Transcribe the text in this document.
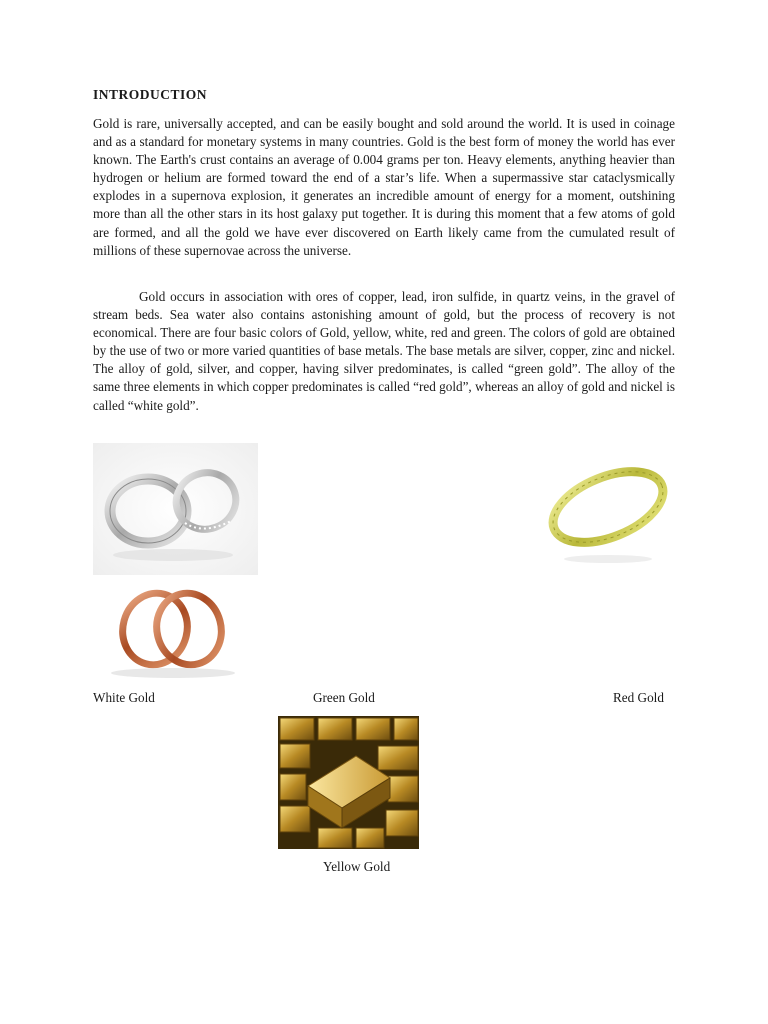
INTRODUCTION

Gold is rare, universally accepted, and can be easily bought and sold around the world. It is used in coinage and as a standard for monetary systems in many countries. Gold is the best form of money the world has ever known. The Earth's crust contains an average of 0.004 grams per ton. Heavy elements, anything heavier than hydrogen or helium are formed toward the end of a star’s life. When a supermassive star cataclysmically explodes in a supernova explosion, it generates an incredible amount of energy for a moment, outshining more than all the other stars in its host galaxy put together. It is during this moment that a few atoms of gold are formed, and all the gold we have ever discovered on Earth likely came from the cumulated result of millions of these supernovae across the universe.

Gold occurs in association with ores of copper, lead, iron sulfide, in quartz veins, in the gravel of stream beds. Sea water also contains astonishing amount of gold, but the process of recovery is not economical. There are four basic colors of Gold, yellow, white, red and green. The colors of gold are obtained by the use of two or more varied quantities of base metals. The base metals are silver, copper, zinc and nickel. The alloy of gold, silver, and copper, having silver predominates, is called “green gold”. The alloy of the same three elements in which copper predominates is called “red gold”, whereas an alloy of gold and nickel is called “white gold”.

White Gold	Green Gold	Red Gold

Yellow Gold
